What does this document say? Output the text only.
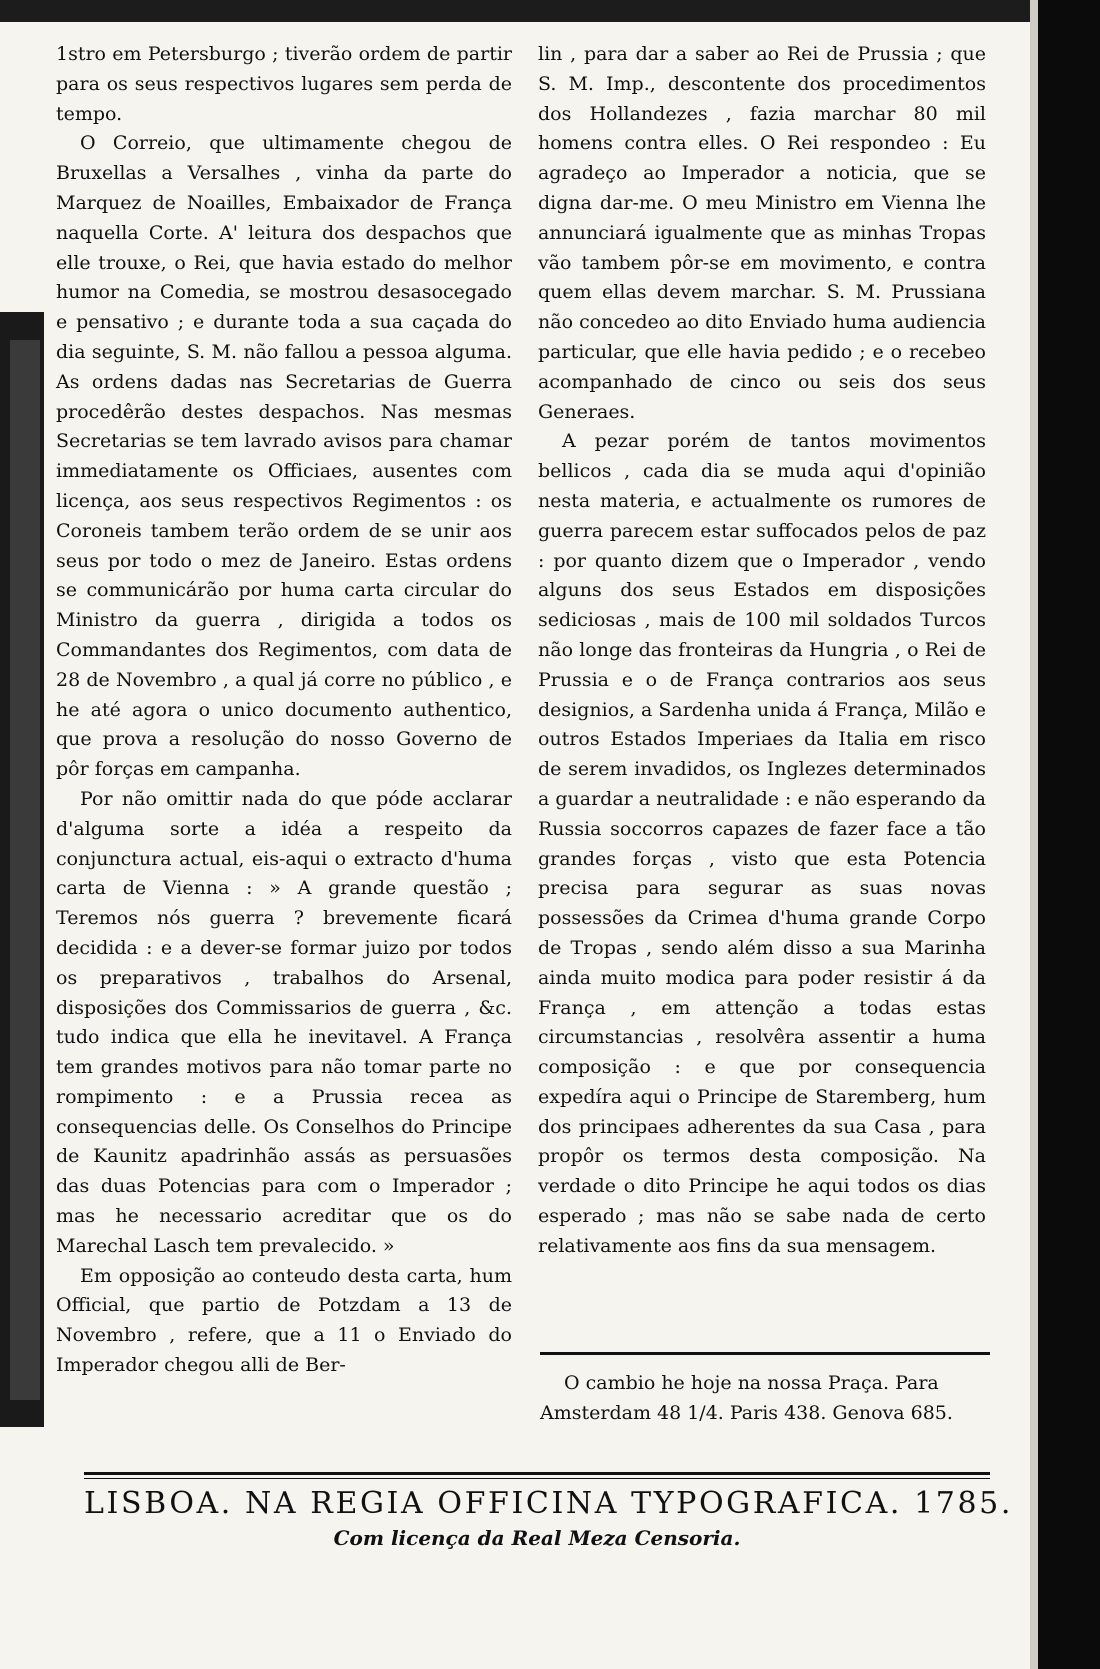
1stro em Petersburgo ; tiverão ordem de partir para os seus respectivos lugares sem perda de tempo.

O Correio, que ultimamente chegou de Bruxellas a Versalhes , vinha da parte do Marquez de Noailles, Embaixador de França naquella Corte. A' leitura dos despachos que elle trouxe, o Rei, que havia estado do melhor humor na Comedia, se mostrou desasocegado e pensativo ; e durante toda a sua caçada do dia seguinte, S. M. não fallou a pessoa alguma. As ordens dadas nas Secretarias de Guerra procedêrão destes despachos. Nas mesmas Secretarias se tem lavrado avisos para chamar immediatamente os Officiaes, ausentes com licença, aos seus respectivos Regimentos : os Coroneis tambem terão ordem de se unir aos seus por todo o mez de Janeiro. Estas ordens se communicárão por huma carta circular do Ministro da guerra , dirigida a todos os Commandantes dos Regimentos, com data de 28 de Novembro , a qual já corre no público , e he até agora o unico documento authentico, que prova a resolução do nosso Governo de pôr forças em campanha.

Por não omittir nada do que póde acclarar d'alguma sorte a idéa a respeito da conjunctura actual, eis-aqui o extracto d'huma carta de Vienna : » A grande questão ; Teremos nós guerra ? brevemente ficará decidida : e a dever-se formar juizo por todos os preparativos , trabalhos do Arsenal, disposições dos Commissarios de guerra , &c. tudo indica que ella he inevitavel. A França tem grandes motivos para não tomar parte no rompimento : e a Prussia recea as consequencias delle. Os Conselhos do Principe de Kaunitz apadrinhão assás as persuasões das duas Potencias para com o Imperador ; mas he necessario acreditar que os do Marechal Lasch tem prevalecido. »

Em opposição ao conteudo desta carta, hum Official, que partio de Potzdam a 13 de Novembro , refere, que a 11 o Enviado do Imperador chegou alli de Ber-

lin , para dar a saber ao Rei de Prussia ; que S. M. Imp., descontente dos procedimentos dos Hollandezes , fazia marchar 80 mil homens contra elles. O Rei respondeo : Eu agradeço ao Imperador a noticia, que se digna dar-me. O meu Ministro em Vienna lhe annunciará igualmente que as minhas Tropas vão tambem pôr-se em movimento, e contra quem ellas devem marchar. S. M. Prussiana não concedeo ao dito Enviado huma audiencia particular, que elle havia pedido ; e o recebeo acompanhado de cinco ou seis dos seus Generaes.

A pezar porém de tantos movimentos bellicos , cada dia se muda aqui d'opinião nesta materia, e actualmente os rumores de guerra parecem estar suffocados pelos de paz : por quanto dizem que o Imperador , vendo alguns dos seus Estados em disposições sediciosas , mais de 100 mil soldados Turcos não longe das fronteiras da Hungria , o Rei de Prussia e o de França contrarios aos seus designios, a Sardenha unida á França, Milão e outros Estados Imperiaes da Italia em risco de serem invadidos, os Inglezes determinados a guardar a neutralidade : e não esperando da Russia soccorros capazes de fazer face a tão grandes forças , visto que esta Potencia precisa para segurar as suas novas possessões da Crimea d'huma grande Corpo de Tropas , sendo além disso a sua Marinha ainda muito modica para poder resistir á da França , em attenção a todas estas circumstancias , resolvêra assentir a huma composição : e que por consequencia expedíra aqui o Principe de Staremberg, hum dos principaes adherentes da sua Casa , para propôr os termos desta composição. Na verdade o dito Principe he aqui todos os dias esperado ; mas não se sabe nada de certo relativamente aos fins da sua mensagem.

O cambio he hoje na nossa Praça. Para Amsterdam 48 1/4. Paris 438. Genova 685.

LISBOA. NA REGIA OFFICINA TYPOGRAFICA. 1785.
Com licença da Real Meza Censoria.
